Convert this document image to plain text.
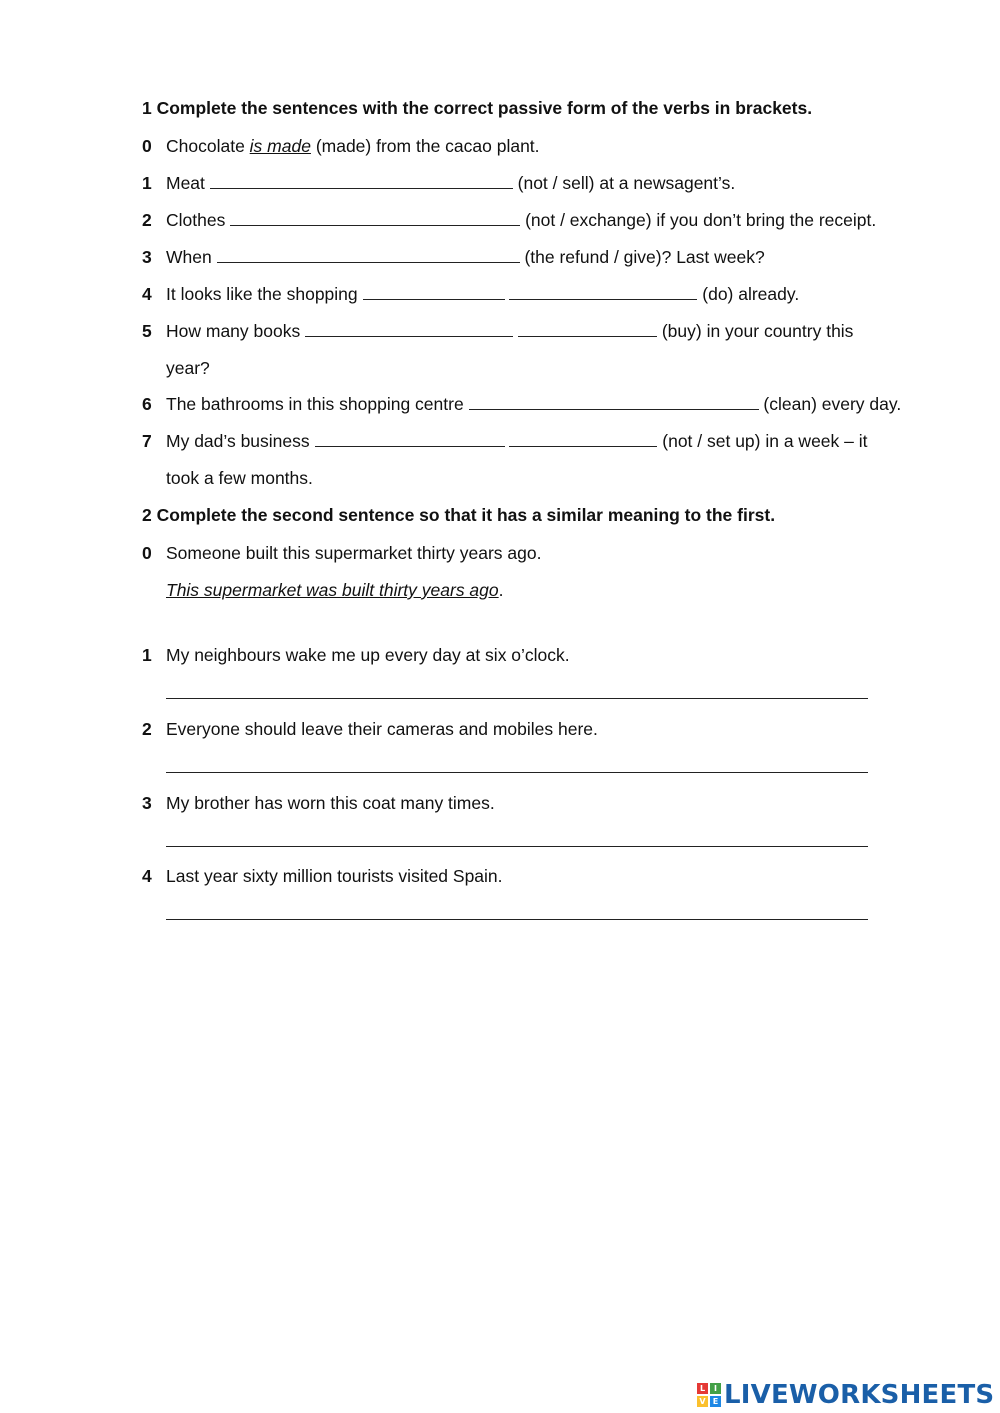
1 Complete the sentences with the correct passive form of the verbs in brackets.
0 Chocolate is made (made) from the cacao plant.
1 Meat	(not / sell) at a newsagent’s.
2 Clothes	(not / exchange) if you don’t bring the receipt.
3 When	(the refund / give)? Last week?
4 It looks like the shopping	(do) already.
5 How many books	(buy) in your country this
year?
6 The bathrooms in this shopping centre	(clean) every day.
7 My dad’s business	(not / set up) in a week – it
took a few months.
2 Complete the second sentence so that it has a similar meaning to the first.
0 Someone built this supermarket thirty years ago.
This supermarket was built thirty years ago.
1 My neighbours wake me up every day at six o’clock.
2 Everyone should leave their cameras and mobiles here.
3 My brother has worn this coat many times.
4 Last year sixty million tourists visited Spain.
L	I
V E LIVEWORKSHEETS
